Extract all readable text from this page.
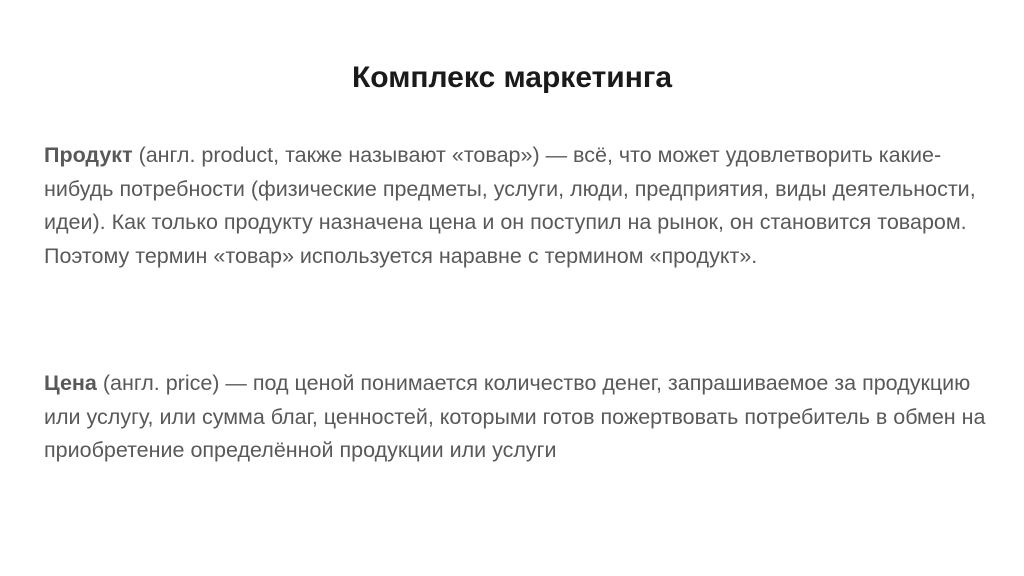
Комплекс маркетинга

Продукт (англ. product, также называют «товар») — всё, что может удовлетворить какие-нибудь потребности (физические предметы, услуги, люди, предприятия, виды деятельности, идеи). Как только продукту назначена цена и он поступил на рынок, он становится товаром. Поэтому термин «товар» используется наравне с термином «продукт».

Цена (англ. price) — под ценой понимается количество денег, запрашиваемое за продукцию или услугу, или сумма благ, ценностей, которыми готов пожертвовать потребитель в обмен на приобретение определённой продукции или услуги
